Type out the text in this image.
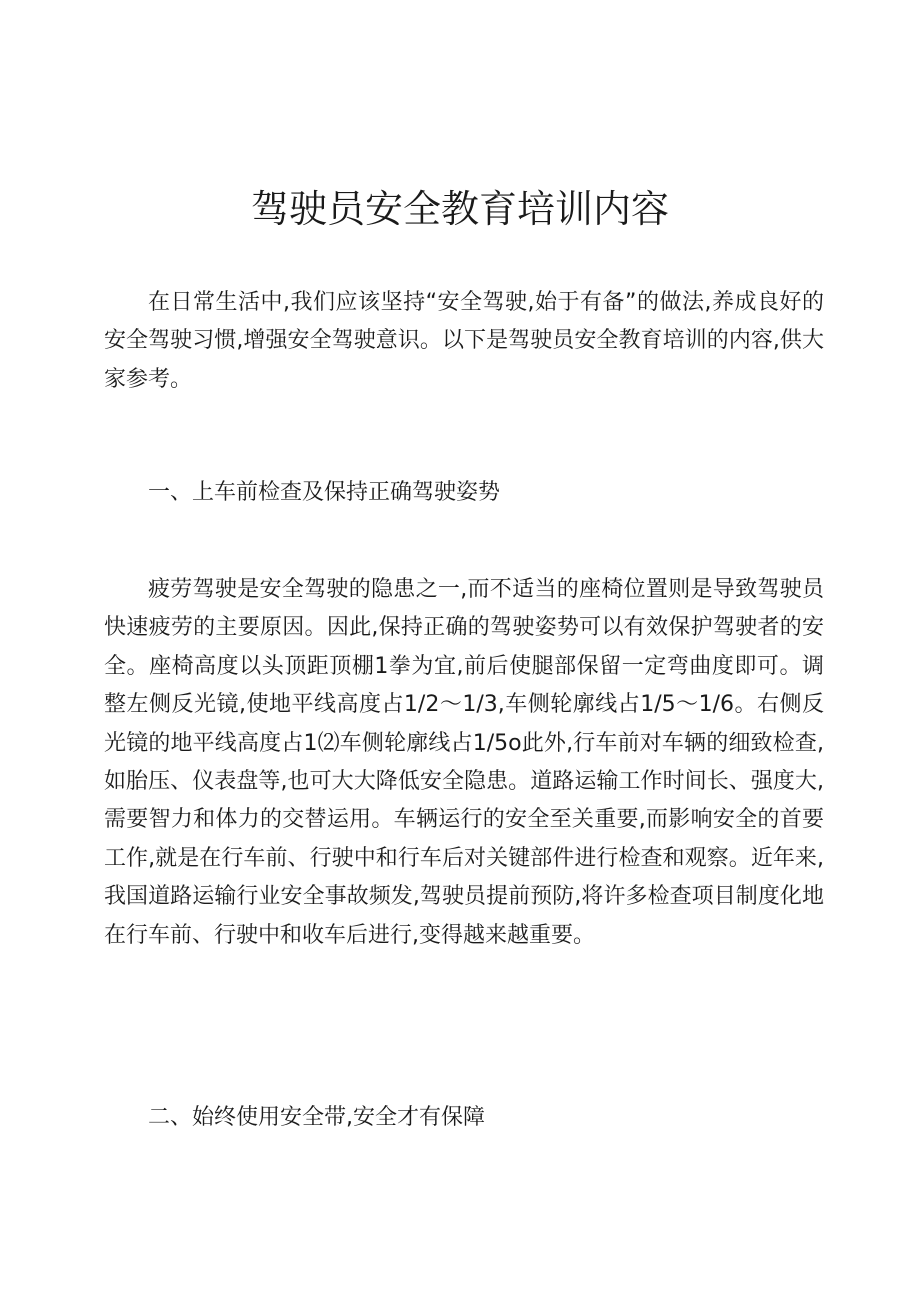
驾驶员安全教育培训内容

在日常生活中,我们应该坚持“安全驾驶,始于有备”的做法,养成良好的安全驾驶习惯,增强安全驾驶意识。以下是驾驶员安全教育培训的内容,供大家参考。

一、上车前检查及保持正确驾驶姿势

疲劳驾驶是安全驾驶的隐患之一,而不适当的座椅位置则是导致驾驶员快速疲劳的主要原因。因此,保持正确的驾驶姿势可以有效保护驾驶者的安全。座椅高度以头顶距顶棚1拳为宜,前后使腿部保留一定弯曲度即可。调整左侧反光镜,使地平线高度占1/2〜1/3,车侧轮廓线占1/5〜1/6。右侧反光镜的地平线高度占1⑵车侧轮廓线占1/5o此外,行车前对车辆的细致检查,如胎压、仪表盘等,也可大大降低安全隐患。道路运输工作时间长、强度大,需要智力和体力的交替运用。车辆运行的安全至关重要,而影响安全的首要工作,就是在行车前、行驶中和行车后对关键部件进行检查和观察。近年来,我国道路运输行业安全事故频发,驾驶员提前预防,将许多检查项目制度化地在行车前、行驶中和收车后进行,变得越来越重要。

二、始终使用安全带,安全才有保障
